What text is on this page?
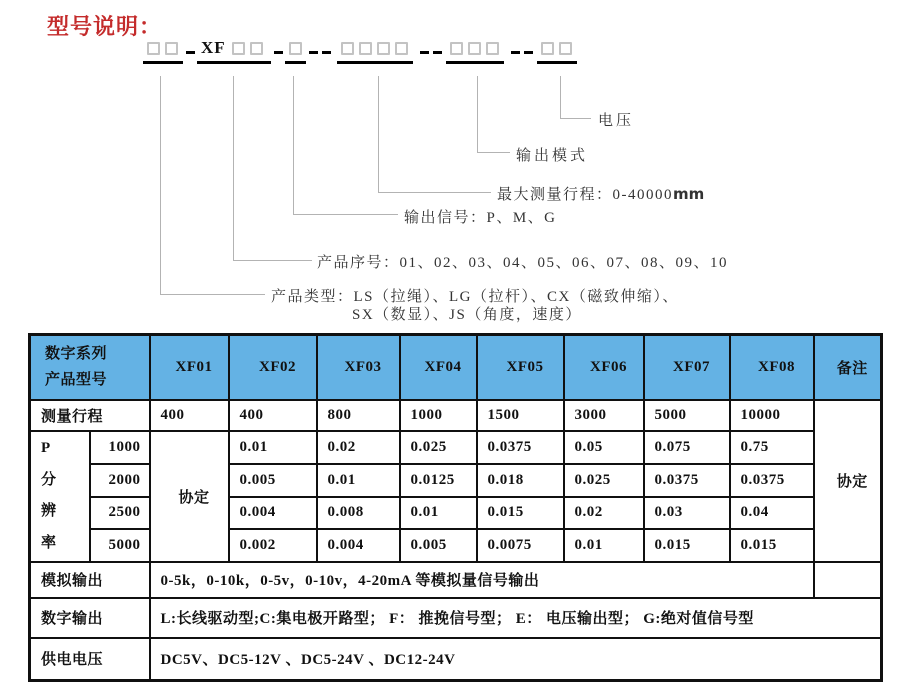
型号说明：
XF
电压
输出模式
最大测量行程：0-40000mm
输出信号：P、M、G
产品序号：01、02、03、04、05、06、07、08、09、10
产品类型：LS（拉绳）、LG（拉杆）、CX（磁致伸缩）、
SX（数显）、JS（角度，速度）
数字系列
产品型号		XF01	XF02	XF03	XF04	XF05	XF06	XF07	XF08	备注
测量行程		400	400	800	1000	1500	3000	5000	10000	协定

P
分
辨
率	1000	协定	0.01	0.02	0.025	0.0375	0.05	0.075	0.75	
	2000		0.005	0.01	0.0125	0.018	0.025	0.0375	0.0375	
	2500		0.004	0.008	0.01	0.015	0.02	0.03	0.04	
	5000		0.002	0.004	0.005	0.0075	0.01	0.015	0.015	
模拟输出		0-5k，0-10k，0-5v，0-10v，4-20mA 等模拟量信号输出								
数字输出		L:长线驱动型;C:集电极开路型； F： 推挽信号型； E： 电压输出型； G:绝对值信号型								
供电电压		DC5V、DC5-12V 、DC5-24V 、DC12-24V								
